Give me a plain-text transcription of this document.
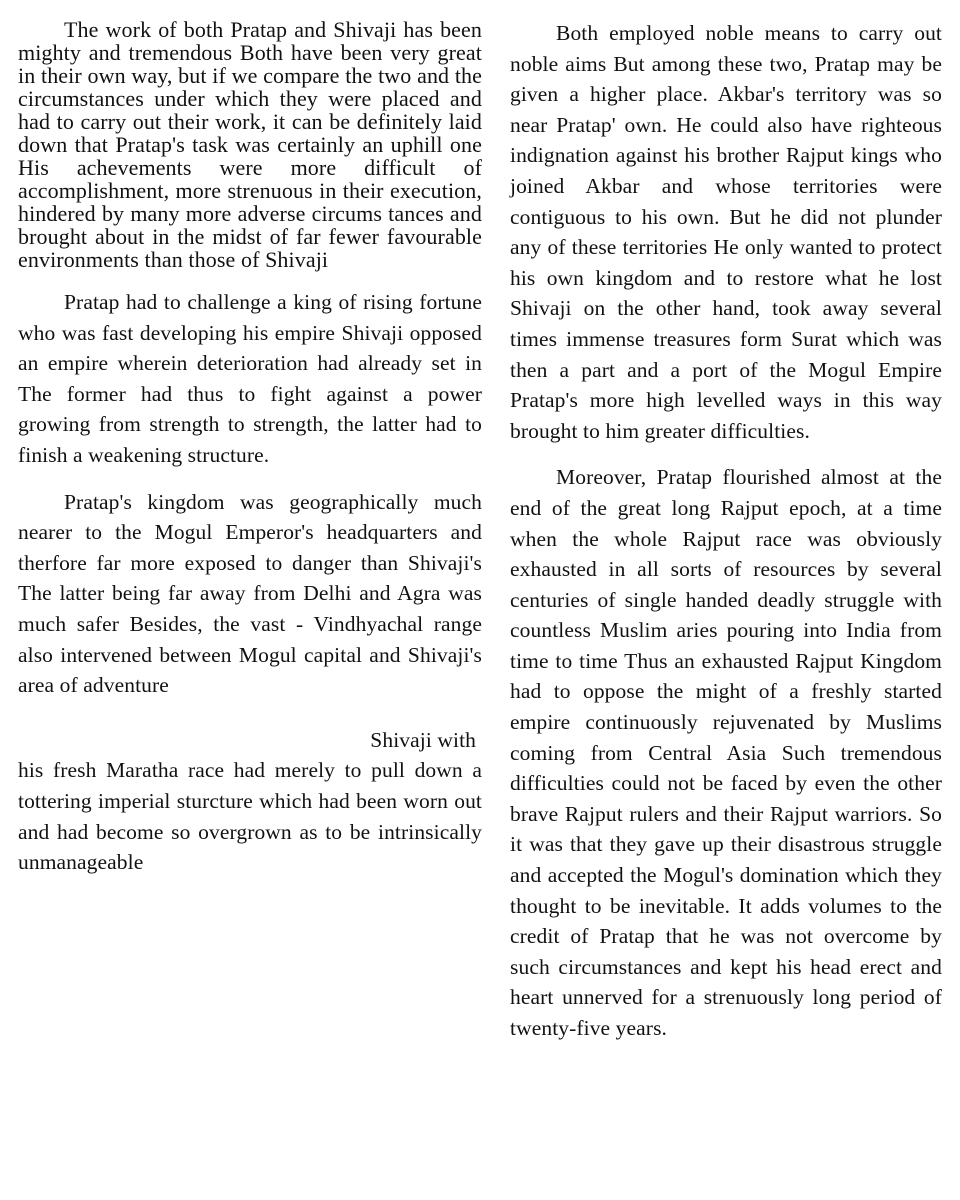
The work of both Pratap and Shivaji has been mighty and tremendous Both have been very great in their own way, but if we compare the two and the circumstances under which they were placed and had to carry out their work, it can be definitely laid down that Pratap's task was certainly an uphill one His achevements were more difficult of accomplishment, more strenuous in their execution, hindered by many more adverse circums tances and brought about in the midst of far fewer favourable environments than those of Shivaji

Pratap had to challenge a king of rising fortune who was fast developing his empire Shivaji opposed an empire wherein deterioration had already set in The former had thus to fight against a power growing from strength to strength, the latter had to finish a weakening structure.

Pratap's kingdom was geographically much nearer to the Mogul Emperor's headquarters and therfore far more exposed to danger than Shivaji's The latter being far away from Delhi and Agra was much safer Besides, the vast - Vindhyachal range also intervened between Mogul capital and Shivaji's area of adventure

Shivaji with
his fresh Maratha race had merely to pull down a tottering imperial sturcture which had been worn out and had become so overgrown as to be intrinsically unmanageable

Both employed noble means to carry out noble aims But among these two, Pratap may be given a higher place. Akbar's territory was so near Pratap' own. He could also have righteous indignation against his brother Rajput kings who joined Akbar and whose territories were contiguous to his own. But he did not plunder any of these territories He only wanted to protect his own kingdom and to restore what he lost Shivaji on the other hand, took away several times immense treasures form Surat which was then a part and a port of the Mogul Empire Pratap's more high levelled ways in this way brought to him greater difficulties.

Moreover, Pratap flourished almost at the end of the great long Rajput epoch, at a time when the whole Rajput race was obviously exhausted in all sorts of resources by several centuries of single handed deadly struggle with countless Muslim aries pouring into India from time to time Thus an exhausted Rajput Kingdom had to oppose the might of a freshly started empire continuously rejuvenated by Muslims coming from Central Asia Such tremendous difficulties could not be faced by even the other brave Rajput rulers and their Rajput warriors. So it was that they gave up their disastrous struggle and accepted the Mogul's domination which they thought to be inevitable. It adds volumes to the credit of Pratap that he was not overcome by such circumstances and kept his head erect and heart unnerved for a strenuously long period of twenty-five years.
